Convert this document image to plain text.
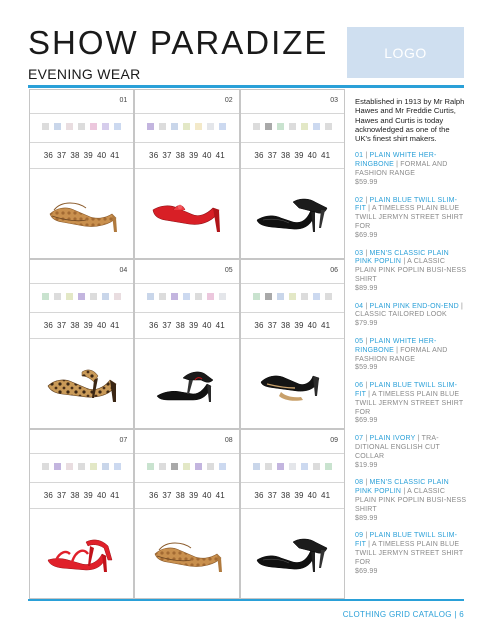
SHOW PARADIZE
EVENING WEAR
LOGO
01
36 37 38 39 40 41
02
36 37 38 39 40 41
03
36 37 38 39 40 41
04
36 37 38 39 40 41
05
36 37 38 39 40 41
06
36 37 38 39 40 41
07
36 37 38 39 40 41
08
36 37 38 39 40 41
09
36 37 38 39 40 41

Established in 1913 by Mr Ralph Hawes and Mr Freddie Curtis, Hawes and Curtis is today acknowledged as one of the UK's finest shirt makers.

01 | PLAIN WHITE HER-RINGBONE | FORMAL AND FASHION RANGE
$59.99

02 | PLAIN BLUE TWILL SLIM-FIT | A TIMELESS PLAIN BLUE TWILL JERMYN STREET SHIRT FOR
$69.99

03 | MEN'S CLASSIC PLAIN PINK POPLIN | A CLASSIC PLAIN PINK POPLIN BUSI-NESS SHIRT
$89.99

04 | PLAIN PINK END-ON-END | CLASSIC TAILORED LOOK
$79.99

05 | PLAIN WHITE HER-RINGBONE | FORMAL AND FASHION RANGE
$59.99

06 | PLAIN BLUE TWILL SLIM-FIT | A TIMELESS PLAIN BLUE TWILL JERMYN STREET SHIRT FOR
$69.99

07 | PLAIN IVORY | TRA-DITIONAL ENGLISH CUT COLLAR
$19.99

08 | MEN'S CLASSIC PLAIN PINK POPLIN | A CLASSIC PLAIN PINK POPLIN BUSI-NESS SHIRT
$89.99

09 | PLAIN BLUE TWILL SLIM-FIT | A TIMELESS PLAIN BLUE TWILL JERMYN STREET SHIRT FOR
$69.99

CLOTHING GRID CATALOG | 6
